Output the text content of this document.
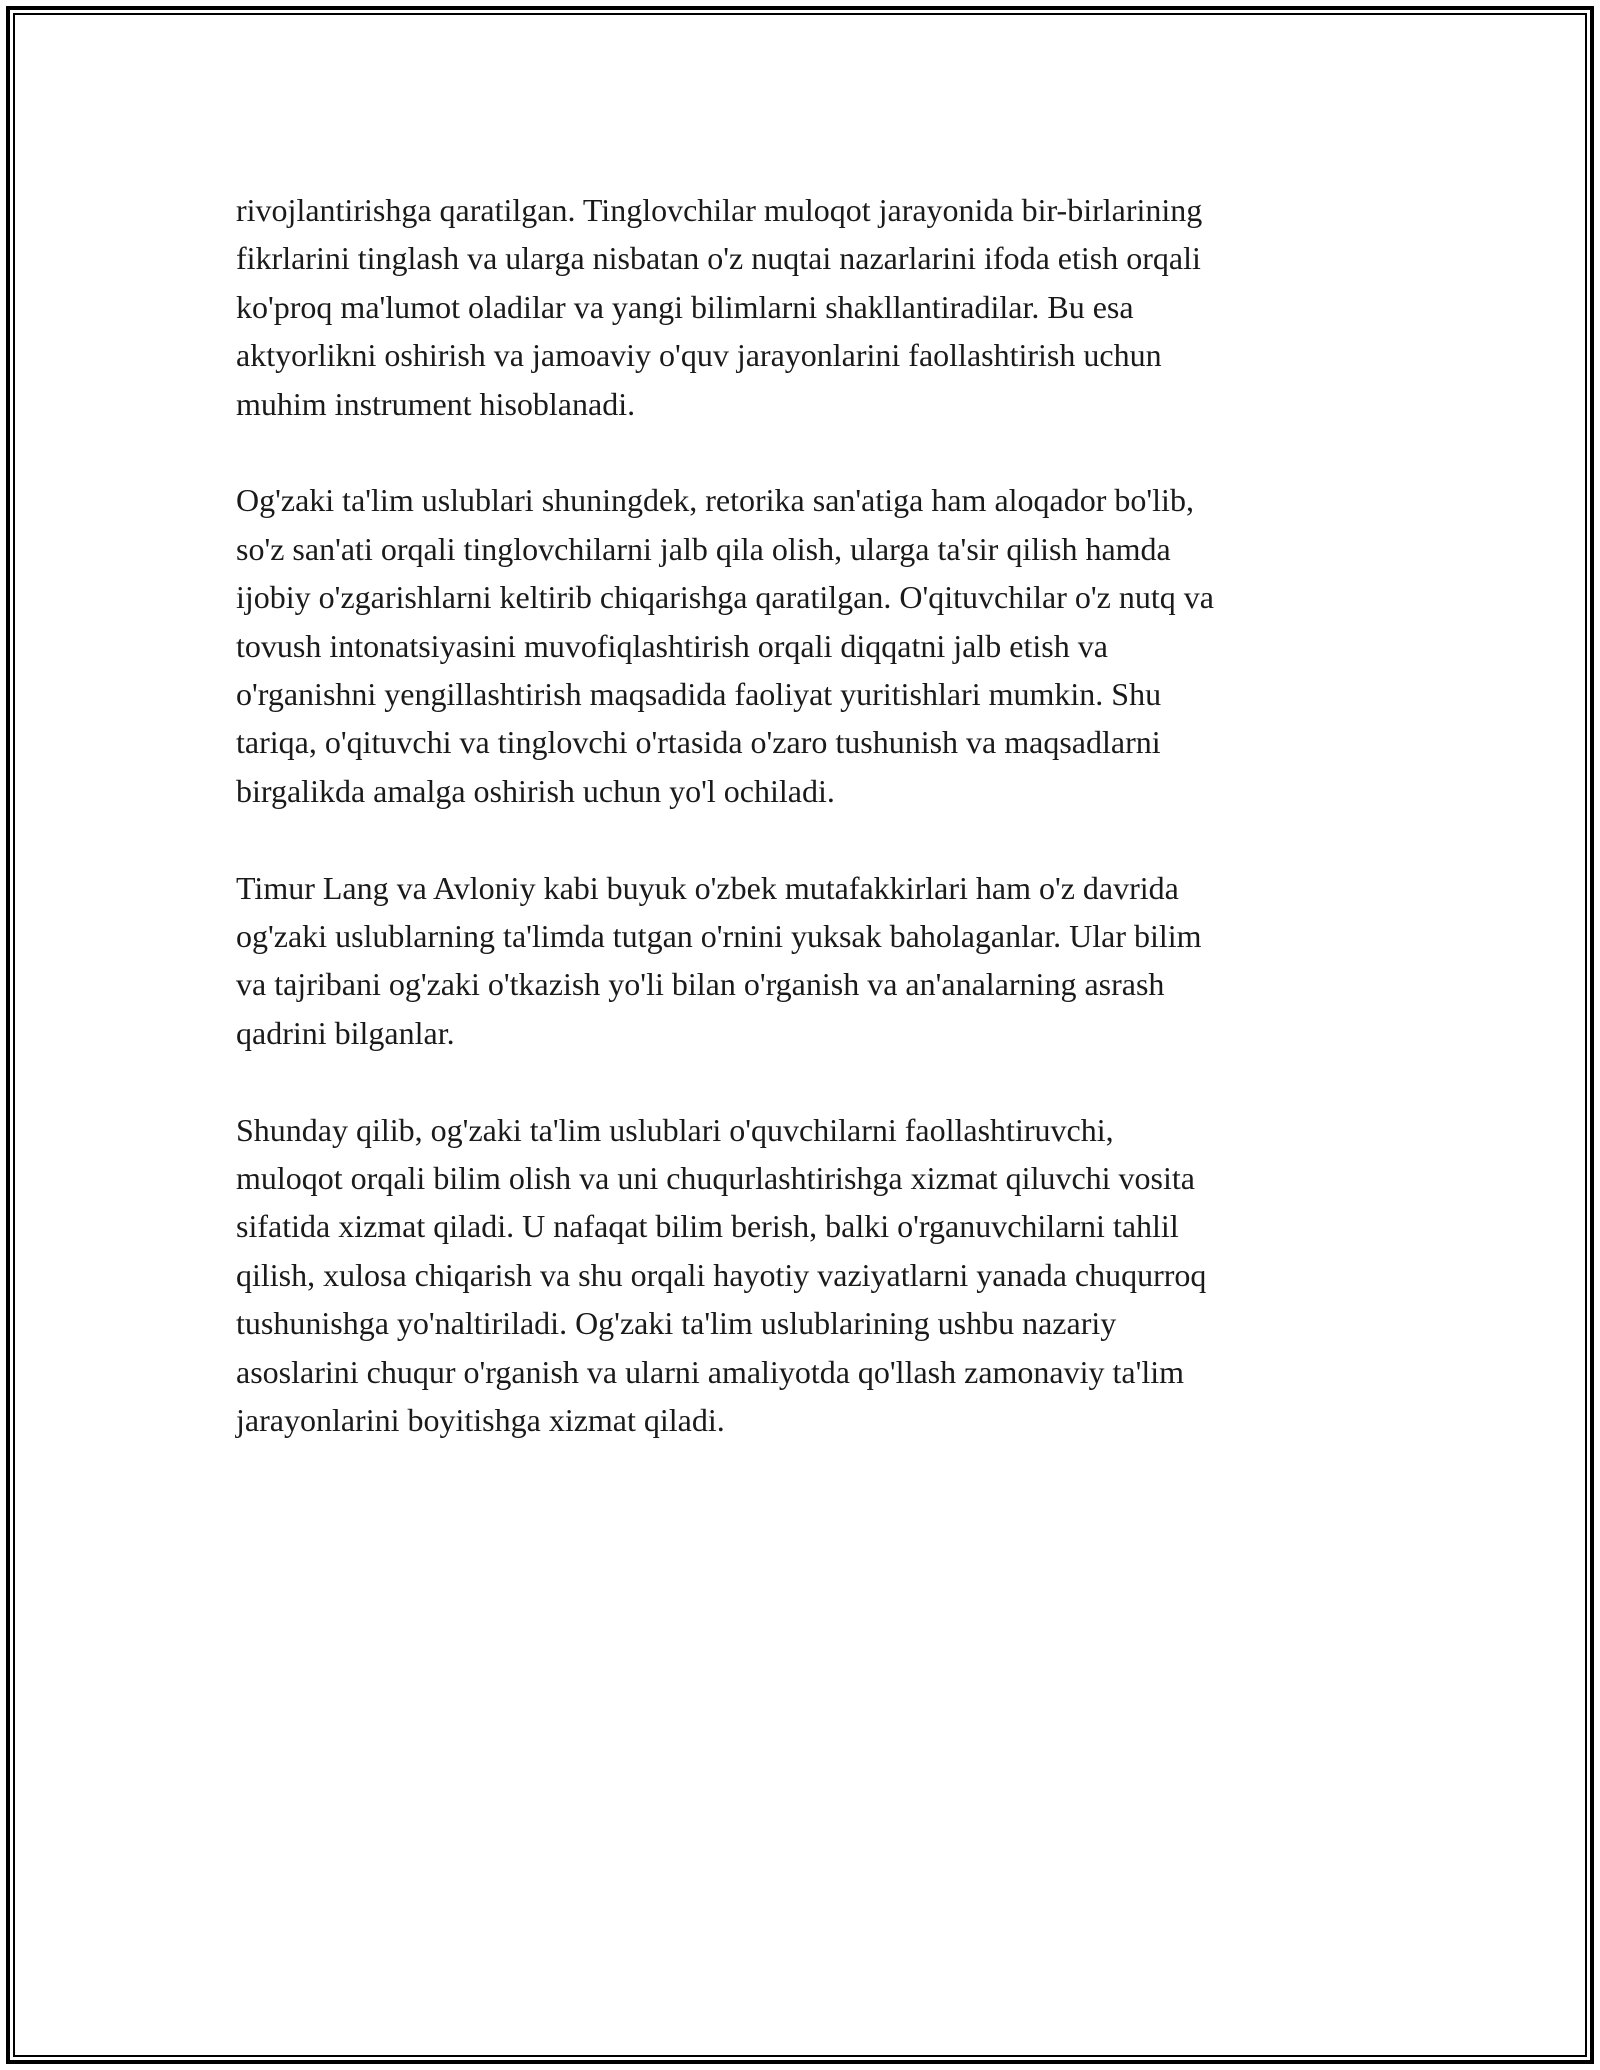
rivojlantirishga qaratilgan. Tinglovchilar muloqot jarayonida bir-birlarining
fikrlarini tinglash va ularga nisbatan o'z nuqtai nazarlarini ifoda etish orqali
ko'proq ma'lumot oladilar va yangi bilimlarni shakllantiradilar. Bu esa
aktyorlikni oshirish va jamoaviy o'quv jarayonlarini faollashtirish uchun
muhim instrument hisoblanadi.

Og'zaki ta'lim uslublari shuningdek, retorika san'atiga ham aloqador bo'lib,
so'z san'ati orqali tinglovchilarni jalb qila olish, ularga ta'sir qilish hamda
ijobiy o'zgarishlarni keltirib chiqarishga qaratilgan. O'qituvchilar o'z nutq va
tovush intonatsiyasini muvofiqlashtirish orqali diqqatni jalb etish va
o'rganishni yengillashtirish maqsadida faoliyat yuritishlari mumkin. Shu
tariqa, o'qituvchi va tinglovchi o'rtasida o'zaro tushunish va maqsadlarni
birgalikda amalga oshirish uchun yo'l ochiladi.

Timur Lang va Avloniy kabi buyuk o'zbek mutafakkirlari ham o'z davrida
og'zaki uslublarning ta'limda tutgan o'rnini yuksak baholaganlar. Ular bilim
va tajribani og'zaki o'tkazish yo'li bilan o'rganish va an'analarning asrash
qadrini bilganlar.

Shunday qilib, og'zaki ta'lim uslublari o'quvchilarni faollashtiruvchi,
muloqot orqali bilim olish va uni chuqurlashtirishga xizmat qiluvchi vosita
sifatida xizmat qiladi. U nafaqat bilim berish, balki o'rganuvchilarni tahlil
qilish, xulosa chiqarish va shu orqali hayotiy vaziyatlarni yanada chuqurroq
tushunishga yo'naltiriladi. Og'zaki ta'lim uslublarining ushbu nazariy
asoslarini chuqur o'rganish va ularni amaliyotda qo'llash zamonaviy ta'lim
jarayonlarini boyitishga xizmat qiladi.
